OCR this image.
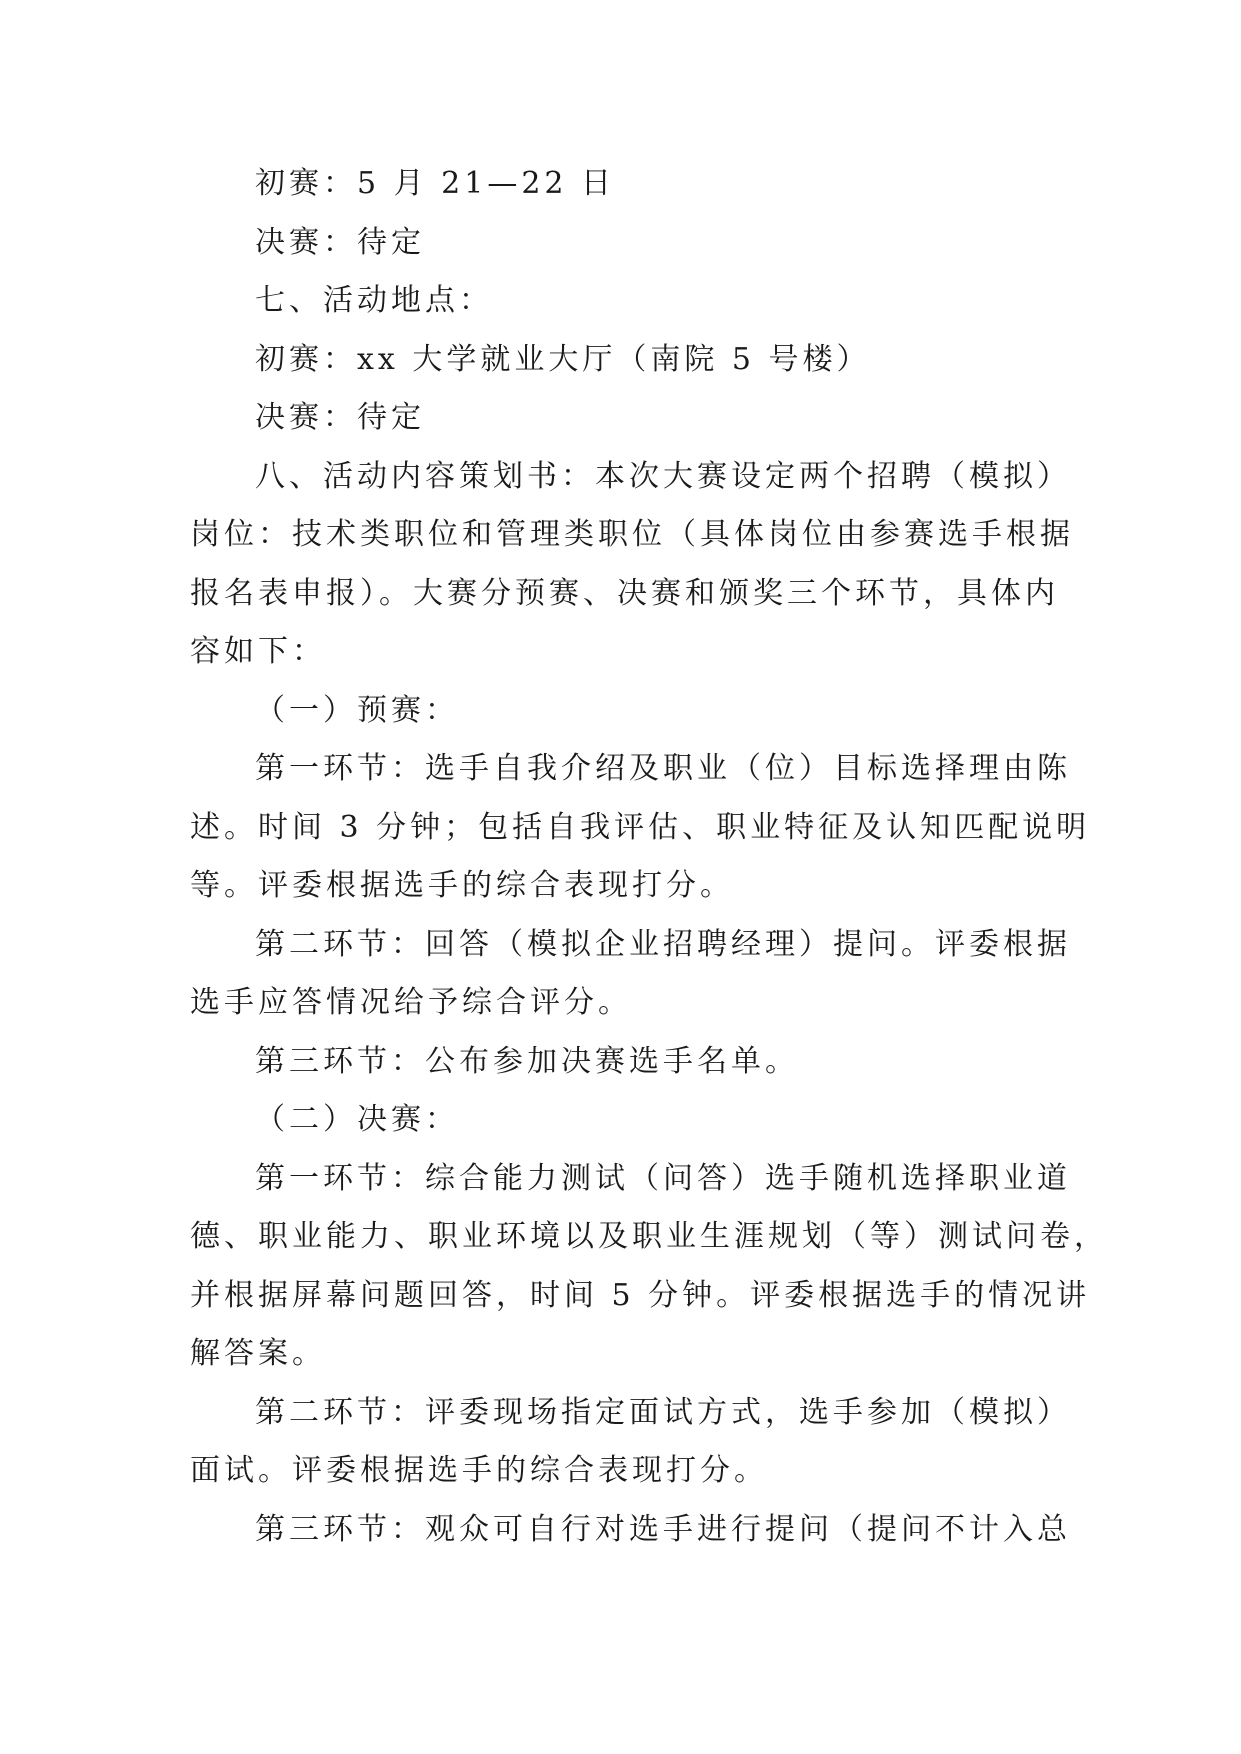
初赛：5 月 21—22 日
决赛：待定
七、活动地点：
初赛：xx 大学就业大厅（南院 5 号楼）
决赛：待定
八、活动内容策划书：本次大赛设定两个招聘（模拟）
岗位：技术类职位和管理类职位（具体岗位由参赛选手根据
报名表申报）。大赛分预赛、决赛和颁奖三个环节，具体内
容如下：
（一）预赛：
第一环节：选手自我介绍及职业（位）目标选择理由陈
述。时间 3 分钟；包括自我评估、职业特征及认知匹配说明
等。评委根据选手的综合表现打分。
第二环节：回答（模拟企业招聘经理）提问。评委根据
选手应答情况给予综合评分。
第三环节：公布参加决赛选手名单。
（二）决赛：
第一环节：综合能力测试（问答）选手随机选择职业道
德、职业能力、职业环境以及职业生涯规划（等）测试问卷，
并根据屏幕问题回答，时间 5 分钟。评委根据选手的情况讲
解答案。
第二环节：评委现场指定面试方式，选手参加（模拟）
面试。评委根据选手的综合表现打分。
第三环节：观众可自行对选手进行提问（提问不计入总
